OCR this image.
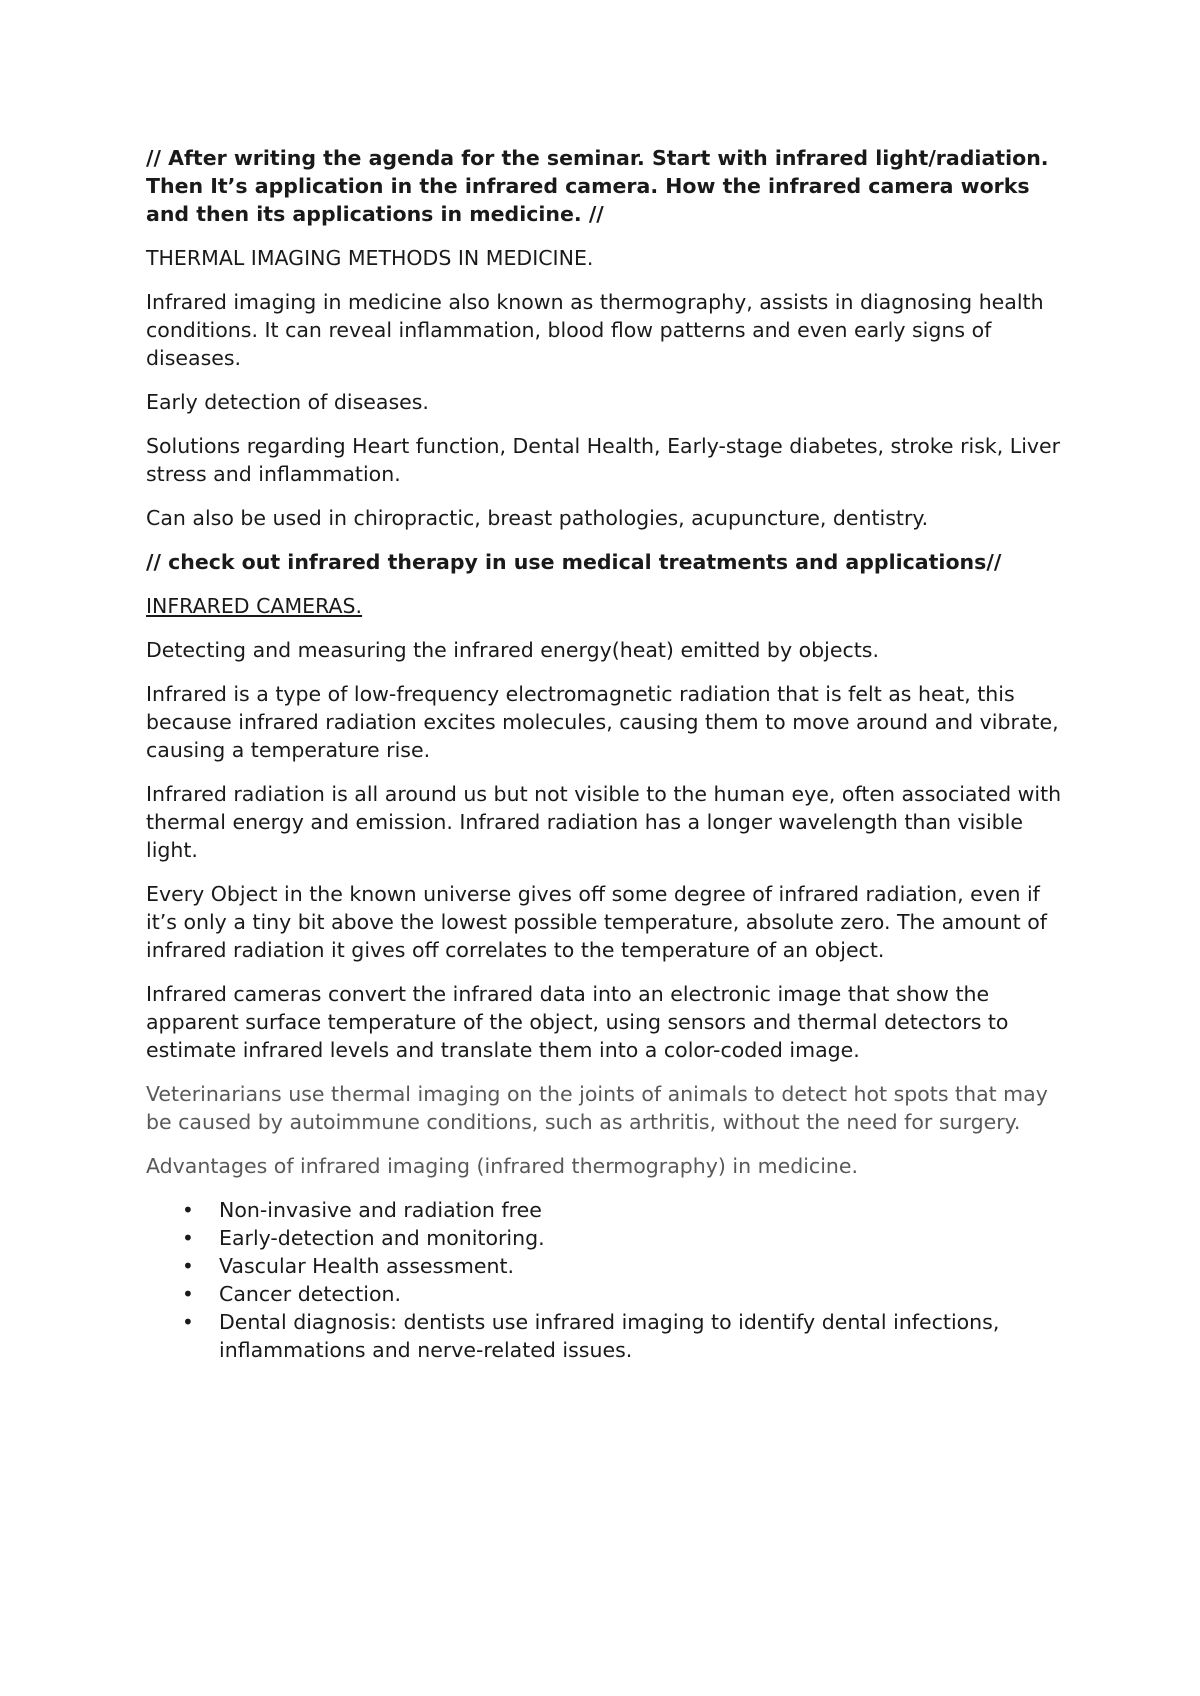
// After writing the agenda for the seminar. Start with infrared light/radiation. Then It’s application in the infrared camera. How the infrared camera works and then its applications in medicine. //

THERMAL IMAGING METHODS IN MEDICINE.

Infrared imaging in medicine also known as thermography, assists in diagnosing health conditions. It can reveal inflammation, blood flow patterns and even early signs of diseases.

Early detection of diseases.

Solutions regarding Heart function, Dental Health, Early-stage diabetes, stroke risk, Liver stress and inflammation.

Can also be used in chiropractic, breast pathologies, acupuncture, dentistry.

// check out infrared therapy in use medical treatments and applications//

INFRARED CAMERAS.

Detecting and measuring the infrared energy(heat) emitted by objects.

Infrared is a type of low-frequency electromagnetic radiation that is felt as heat, this because infrared radiation excites molecules, causing them to move around and vibrate, causing a temperature rise.

Infrared radiation is all around us but not visible to the human eye, often associated with thermal energy and emission. Infrared radiation has a longer wavelength than visible light.

Every Object in the known universe gives off some degree of infrared radiation, even if it’s only a tiny bit above the lowest possible temperature, absolute zero. The amount of infrared radiation it gives off correlates to the temperature of an object.

Infrared cameras convert the infrared data into an electronic image that show the apparent surface temperature of the object, using sensors and thermal detectors to estimate infrared levels and translate them into a color-coded image.

Veterinarians use thermal imaging on the joints of animals to detect hot spots that may be caused by autoimmune conditions, such as arthritis, without the need for surgery.

Advantages of infrared imaging (infrared thermography) in medicine.

• Non-invasive and radiation free
• Early-detection and monitoring.
• Vascular Health assessment.
• Cancer detection.
• Dental diagnosis: dentists use infrared imaging to identify dental infections, inflammations and nerve-related issues.
